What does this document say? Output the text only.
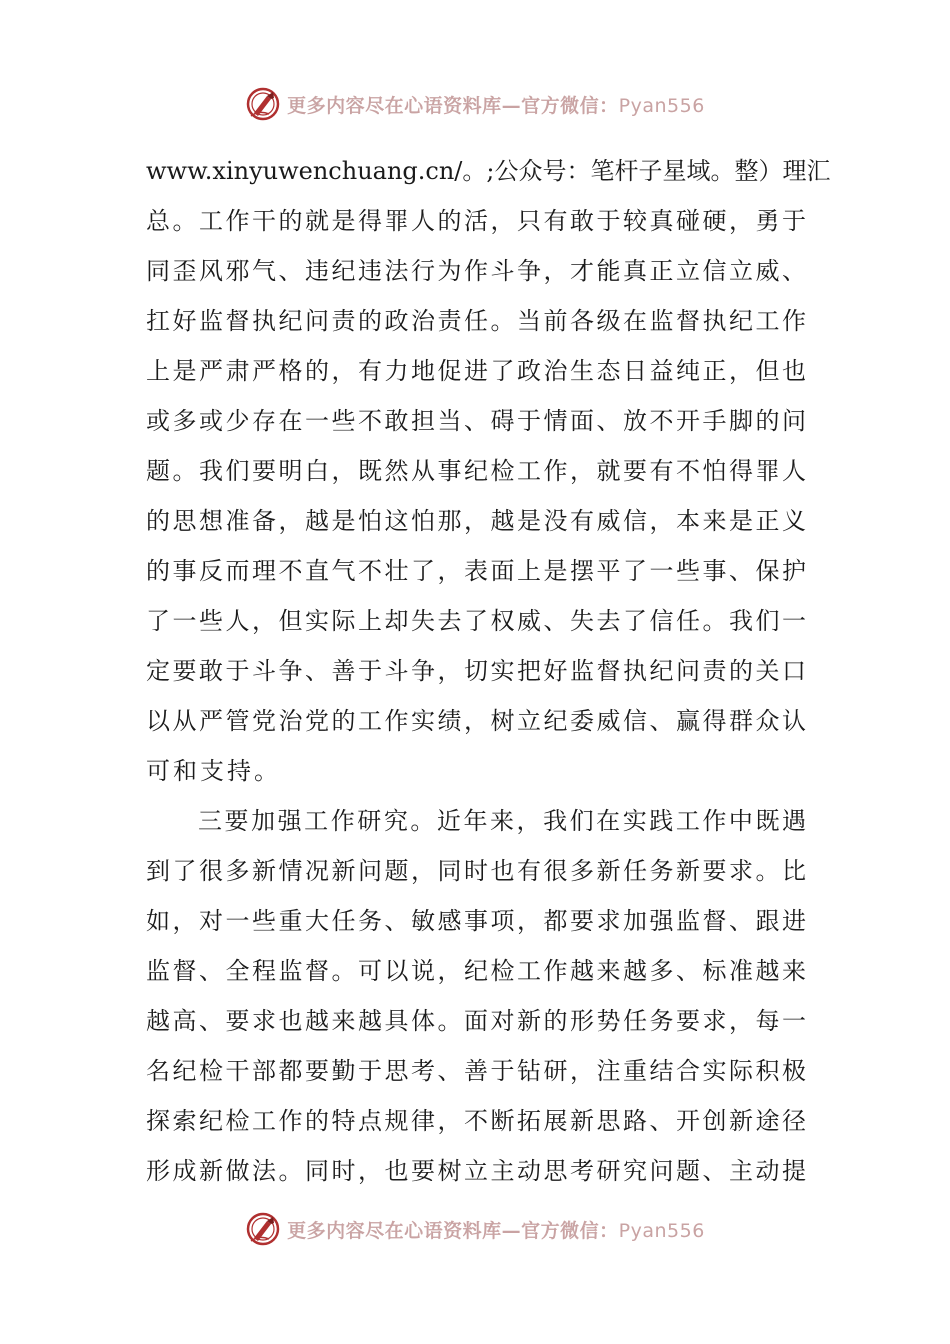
更多内容尽在心语资料库—官方微信：Pyan556
www.xinyuwenchuang.cn/。;公众号：笔杆子星域。整）理汇
总。工作干的就是得罪人的活，只有敢于较真碰硬，勇于
同歪风邪气、违纪违法行为作斗争，才能真正立信立威、
扛好监督执纪问责的政治责任。当前各级在监督执纪工作
上是严肃严格的，有力地促进了政治生态日益纯正，但也
或多或少存在一些不敢担当、碍于情面、放不开手脚的问
题。我们要明白，既然从事纪检工作，就要有不怕得罪人
的思想准备，越是怕这怕那，越是没有威信，本来是正义
的事反而理不直气不壮了，表面上是摆平了一些事、保护
了一些人，但实际上却失去了权威、失去了信任。我们一
定要敢于斗争、善于斗争，切实把好监督执纪问责的关口
以从严管党治党的工作实绩，树立纪委威信、赢得群众认
可和支持。
三要加强工作研究。近年来，我们在实践工作中既遇
到了很多新情况新问题，同时也有很多新任务新要求。比
如，对一些重大任务、敏感事项，都要求加强监督、跟进
监督、全程监督。可以说，纪检工作越来越多、标准越来
越高、要求也越来越具体。面对新的形势任务要求，每一
名纪检干部都要勤于思考、善于钻研，注重结合实际积极
探索纪检工作的特点规律，不断拓展新思路、开创新途径
形成新做法。同时，也要树立主动思考研究问题、主动提
更多内容尽在心语资料库—官方微信：Pyan556
